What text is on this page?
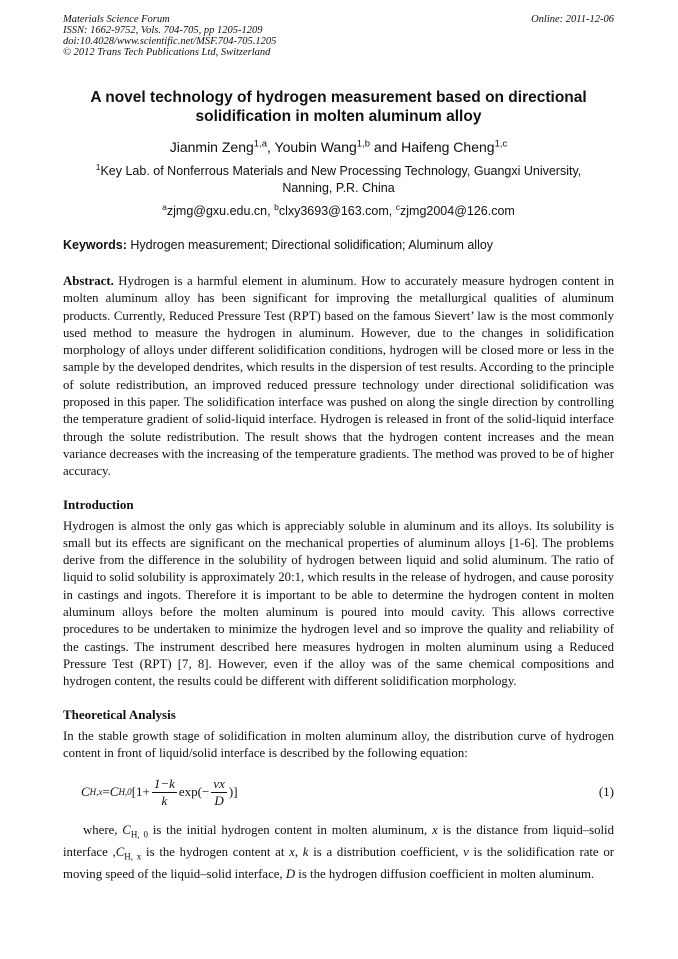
Materials Science Forum
ISSN: 1662-9752, Vols. 704-705, pp 1205-1209
doi:10.4028/www.scientific.net/MSF.704-705.1205
© 2012 Trans Tech Publications Ltd, Switzerland
Online: 2011-12-06
A novel technology of hydrogen measurement based on directional
solidification in molten aluminum alloy
Jianmin Zeng$^{1,a}$, Youbin Wang$^{1,b}$ and Haifeng Cheng$^{1,c}$
$^1$Key Lab. of Nonferrous Materials and New Processing Technology, Guangxi University,
Nanning, P.R. China
$^a$zjmg@gxu.edu.cn, $^b$clxy3693@163.com, $^c$zjmg2004@126.com
Keywords: Hydrogen measurement; Directional solidification; Aluminum alloy
Abstract. Hydrogen is a harmful element in aluminum. How to accurately measure hydrogen content in molten aluminum alloy has been significant for improving the metallurgical qualities of aluminum products. Currently, Reduced Pressure Test (RPT) based on the famous Sievert’ law is the most commonly used method to measure the hydrogen in aluminum. However, due to the changes in solidification morphology of alloys under different solidification conditions, hydrogen will be closed more or less in the sample by the developed dendrites, which results in the dispersion of test results. According to the principle of solute redistribution, an improved reduced pressure technology under directional solidification was proposed in this paper. The solidification interface was pushed on along the single direction by controlling the temperature gradient of solid-liquid interface. Hydrogen is released in front of the solid-liquid interface through the solute redistribution. The result shows that the hydrogen content increases and the mean variance decreases with the increasing of the temperature gradients. The method was proved to be of higher accuracy.
Introduction
Hydrogen is almost the only gas which is appreciably soluble in aluminum and its alloys. Its solubility is small but its effects are significant on the mechanical properties of aluminum alloys [1-6]. The problems derive from the difference in the solubility of hydrogen between liquid and solid aluminum. The ratio of liquid to solid solubility is approximately 20:1, which results in the release of hydrogen, and cause porosity in castings and ingots. Therefore it is important to be able to determine the hydrogen content in molten aluminum alloys before the molten aluminum is poured into mould cavity. This allows corrective procedures to be undertaken to minimize the hydrogen level and so improve the quality and reliability of the castings. The instrument described here measures hydrogen in molten aluminum using a Reduced Pressure Test (RPT) [7, 8]. However, even if the alloy was of the same chemical compositions and hydrogen content, the results could be different with different solidification morphology.
Theoretical Analysis
In the stable growth stage of solidification in molten aluminum alloy, the distribution curve of hydrogen content in front of liquid/solid interface is described by the following equation:
C H,x = C H,0 [$1+ \frac{1-k}{k} \exp(- \frac{vx}{D}$ )]	(1)
where, $C_{H, 0}$ is the initial hydrogen content in molten aluminum, x is the distance from liquid–solid interface $,C_{H, x}$ is the hydrogen content at x, k is a distribution coefficient, v is the solidification rate or moving speed of the liquid–solid interface, D is the hydrogen diffusion coefficient in molten aluminum.
